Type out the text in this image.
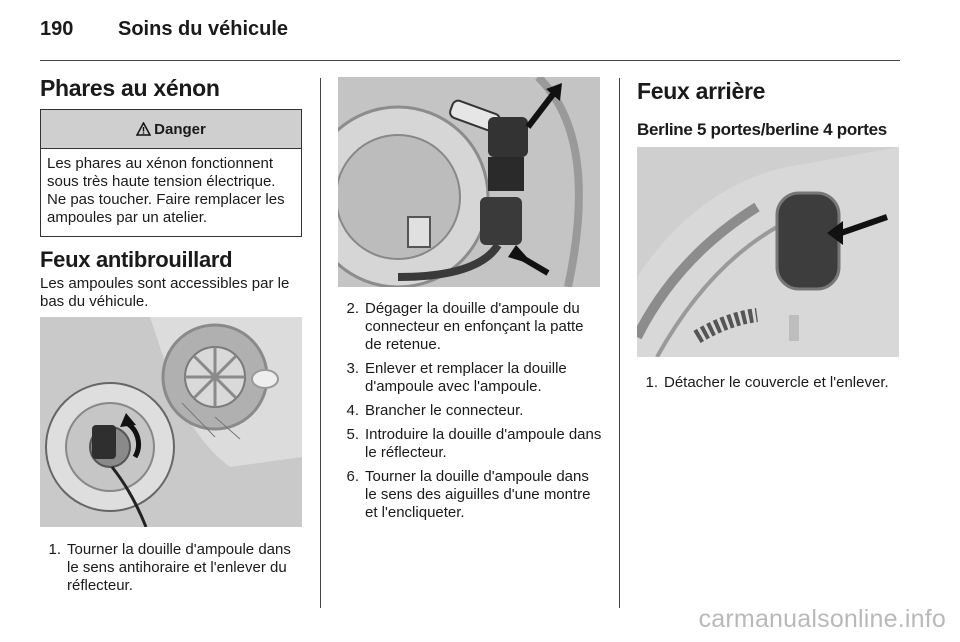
190 Soins du véhicule
Phares au xénon
Danger

Les phares au xénon fonctionnent sous très haute tension électrique. Ne pas toucher. Faire remplacer les ampoules par un atelier.

Feux antibrouillard

Les ampoules sont accessibles par le bas du véhicule.

1. Tourner la douille d'ampoule dans le sens antihoraire et l'enlever du réflecteur.
2. Dégager la douille d'ampoule du connecteur en enfonçant la patte de retenue.
3. Enlever et remplacer la douille d'ampoule avec l'ampoule.
4. Brancher le connecteur.
5. Introduire la douille d'ampoule dans le réflecteur.
6. Tourner la douille d'ampoule dans le sens des aiguilles d'une montre et l'encliqueter.
Feux arrière
Berline 5 portes/berline 4 portes
1. Détacher le couvercle et l'enlever.
carmanualsonline.info
